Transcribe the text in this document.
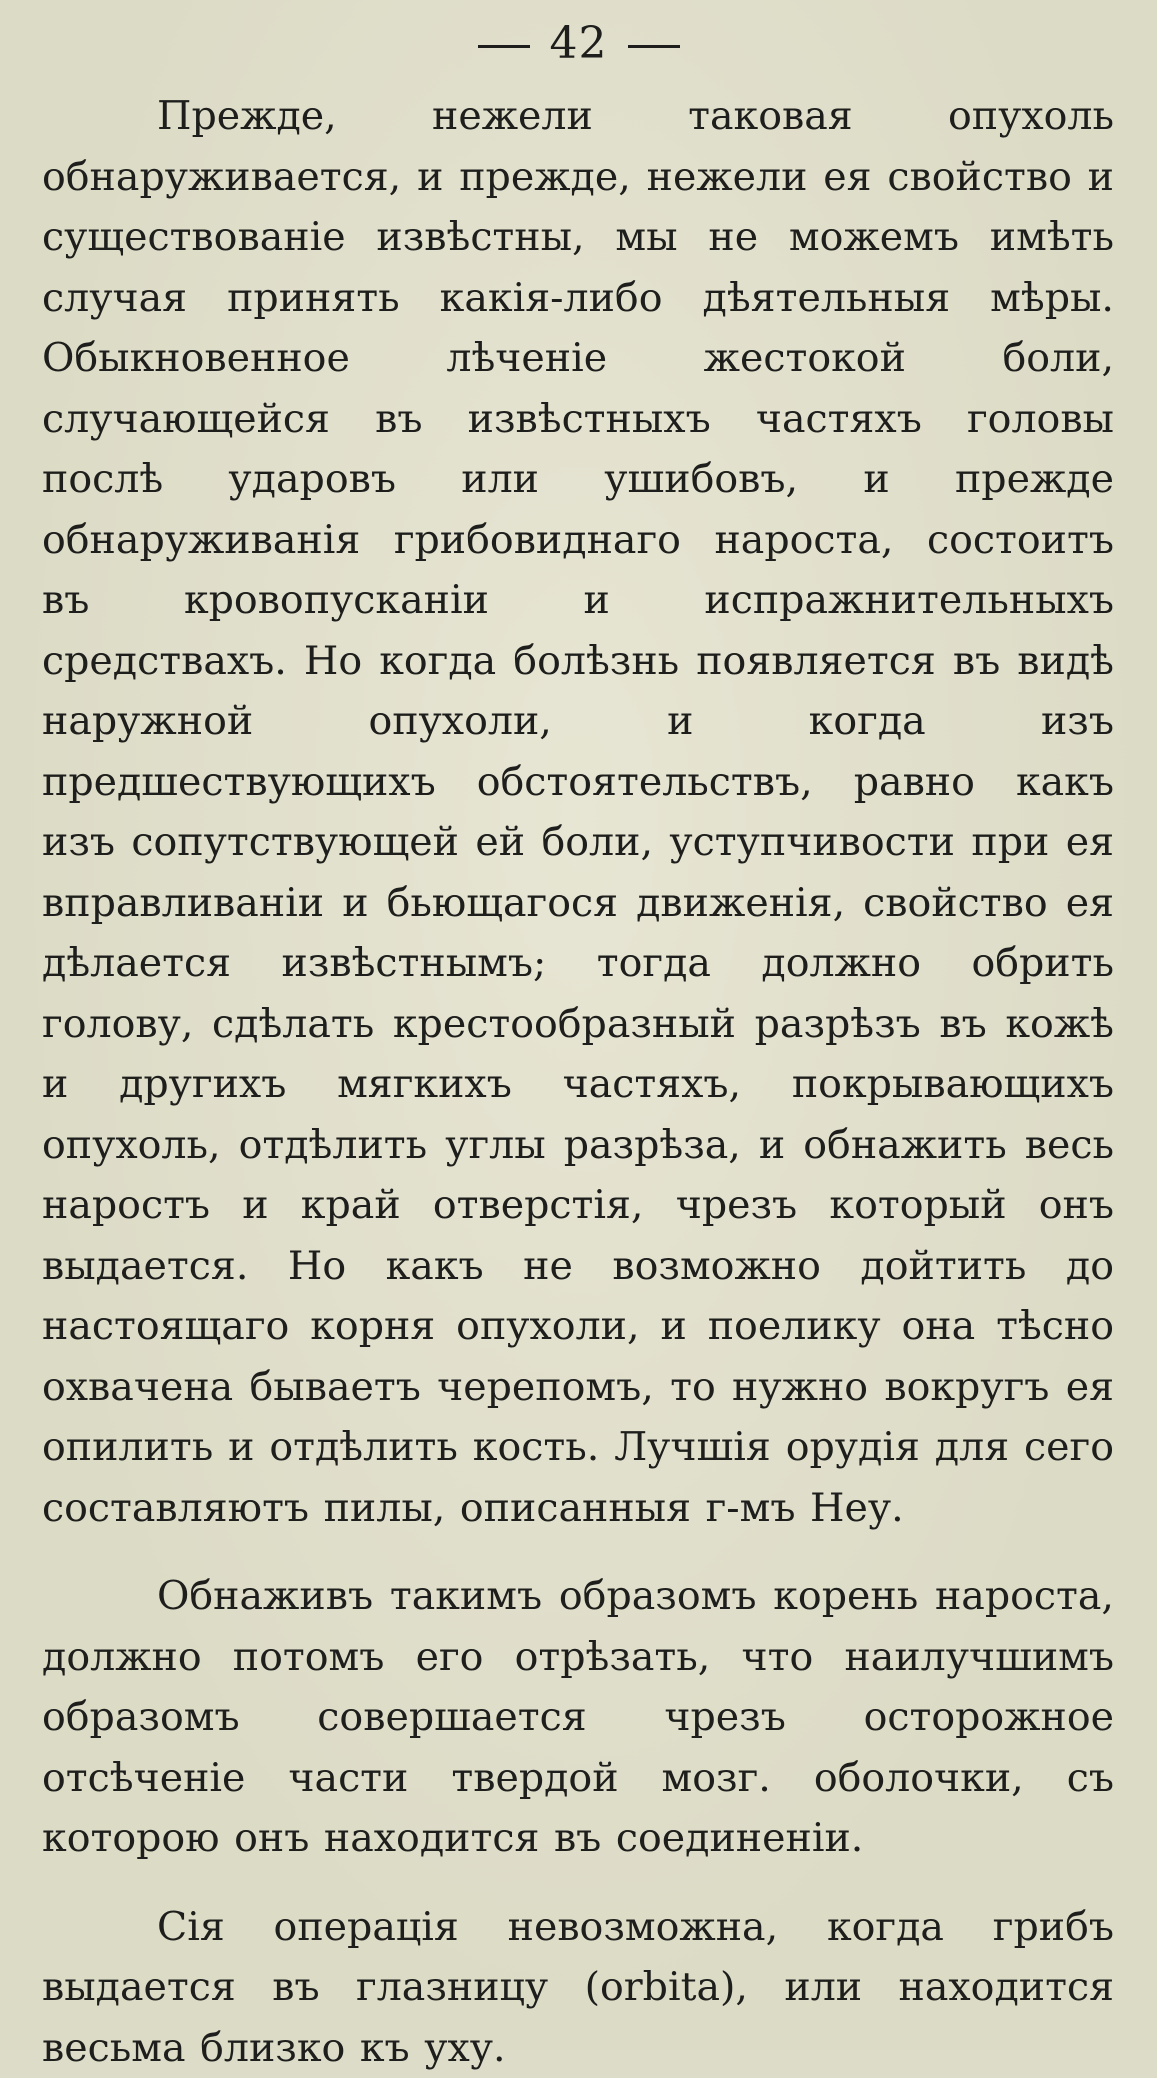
42

Прежде, нежели таковая опухоль обнаруживается, и прежде, нежели ея свойство и существованіе извѣстны, мы не можемъ имѣть случая принять какія-либо дѣятельныя мѣры. Обыкновенное лѣченіе жестокой боли, случающейся въ извѣстныхъ частяхъ головы послѣ ударовъ или ушибовъ, и прежде обнаруживанія грибовиднаго нароста, состоитъ въ кровопусканіи и испражнительныхъ средствахъ. Но когда болѣзнь появляется въ видѣ наружной опухоли, и когда изъ предшествующихъ обстоятельствъ, равно какъ изъ сопутствующей ей боли, уступчивости при ея вправливаніи и бьющагося движенія, свойство ея дѣлается извѣстнымъ; тогда должно обрить голову, сдѣлать крестообразный разрѣзъ въ кожѣ и другихъ мягкихъ частяхъ, покрывающихъ опухоль, отдѣлить углы разрѣза, и обнажить весь наростъ и край отверстія, чрезъ который онъ выдается. Но какъ не возможно дойтить до настоящаго корня опухоли, и поелику она тѣсно охвачена бываетъ черепомъ, то нужно вокругъ ея опилить и отдѣлить кость. Лучшія орудія для сего составляютъ пилы, описанныя г-мъ Неу.

Обнаживъ такимъ образомъ корень нароста, должно потомъ его отрѣзать, что наилучшимъ образомъ совершается чрезъ осторожное отсѣченіе части твердой мозг. оболочки, съ которою онъ находится въ соединеніи.

Сія операція невозможна, когда грибъ выдается въ глазницу (orbita), или находится весьма близко къ уху.
